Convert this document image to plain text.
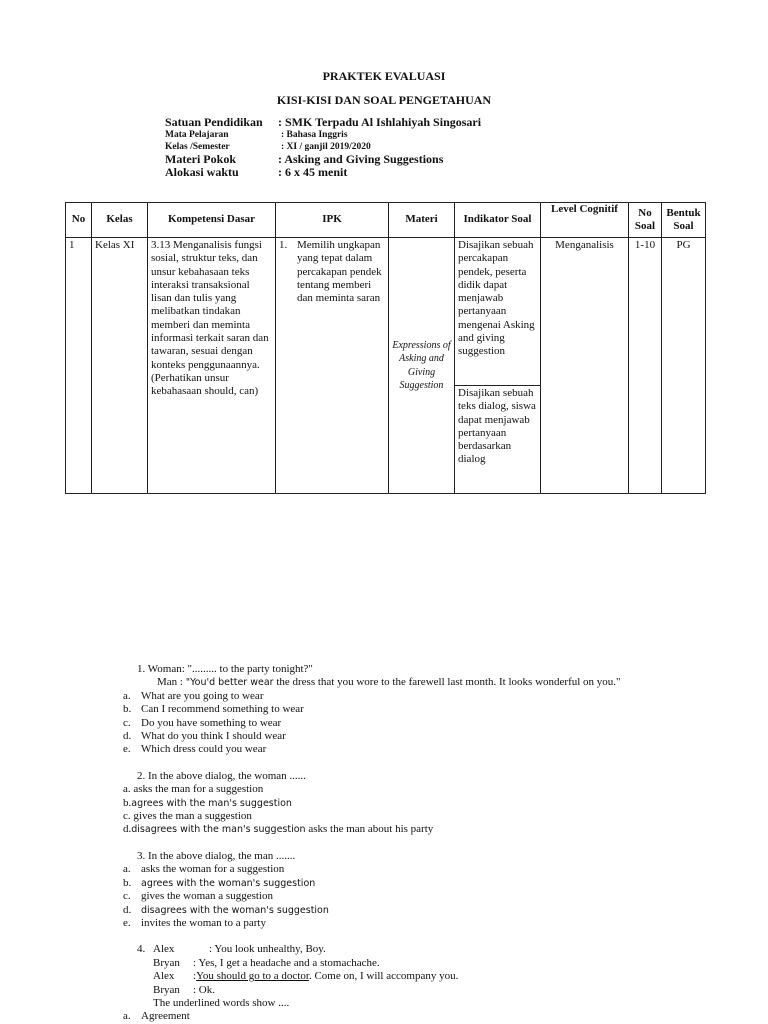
PRAKTEK EVALUASI
KISI-KISI DAN SOAL PENGETAHUAN
Satuan Pendidikan	: SMK Terpadu Al Ishlahiyah Singosari
Mata Pelajaran	: Bahasa Inggris
Kelas /Semester	: XI / ganjil 2019/2020
Materi Pokok	: Asking and Giving Suggestions
Alokasi waktu	: 6 x 45 menit
No	Kelas	Kompetensi Dasar	IPK	Materi	Indikator Soal	Level Cognitif	No Soal	Bentuk Soal
1	Kelas XI	3.13 Menganalisis fungsi sosial, struktur teks, dan unsur kebahasaan teks interaksi transaksional lisan dan tulis yang melibatkan tindakan memberi dan meminta informasi terkait saran dan tawaran, sesuai dengan konteks penggunaannya. (Perhatikan unsur kebahasaan should, can)	1. Memilih ungkapan yang tepat dalam percakapan pendek tentang memberi dan meminta saran	Expressions of Asking and Giving Suggestion	Disajikan sebuah percakapan pendek, peserta didik dapat menjawab pertanyaan mengenai Asking and giving suggestion	Menganalisis	1-10	PG
					Disajikan sebuah teks dialog, siswa dapat menjawab pertanyaan berdasarkan dialog			
1. Woman: "......... to the party tonight?"
Man : "You'd better wear the dress that you wore to the farewell last month. It looks wonderful on you."
a. What are you going to wear
b. Can I recommend something to wear
c. Do you have something to wear
d. What do you think I should wear
e. Which dress could you wear
2. In the above dialog, the woman ......
a. asks the man for a suggestion
b.agrees with the man's suggestion
c. gives the man a suggestion
d.disagrees with the man's suggestion asks the man about his party
3. In the above dialog, the man .......
a. asks the woman for a suggestion
b. agrees with the woman's suggestion
c. gives the woman a suggestion
d. disagrees with the woman's suggestion
e. invites the woman to a party
4. Alex	: You look unhealthy, Boy.
Bryan : Yes, I get a headache and a stomachache.
Alex :You should go to a doctor. Come on, I will accompany you.
Bryan : Ok.
The underlined words show ....
a. Agreement
